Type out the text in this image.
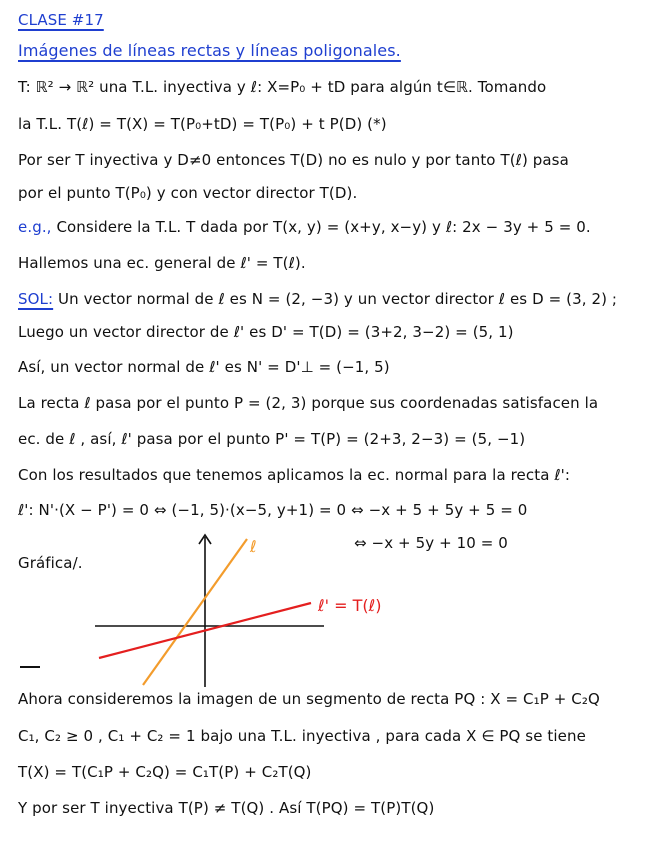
CLASE #17
Imágenes de líneas rectas y líneas poligonales.
T: ℝ² → ℝ² una T.L. inyectiva y ℓ: X=P₀ + tD para algún t∈ℝ. Tomando
la T.L. T(ℓ) = T(X) = T(P₀+tD) = T(P₀) + t P(D) (*)
Por ser T inyectiva y D≠0 entonces T(D) no es nulo y por tanto T(ℓ) pasa
por el punto T(P₀) y con vector director T(D).
e.g., Considere la T.L. T dada por T(x, y) = (x+y, x−y) y ℓ: 2x − 3y + 5 = 0.
Hallemos una ec. general de ℓ' = T(ℓ).
SOL: Un vector normal de ℓ es N = (2, −3) y un vector director ℓ es D = (3, 2) ;
Luego un vector director de ℓ' es D' = T(D) = (3+2, 3−2) = (5, 1)
Así, un vector normal de ℓ' es N' = D'⊥ = (−1, 5)
La recta ℓ pasa por el punto P = (2, 3) porque sus coordenadas satisfacen la
ec. de ℓ , así, ℓ' pasa por el punto P' = T(P) = (2+3, 2−3) = (5, −1)
Con los resultados que tenemos aplicamos la ec. normal para la recta ℓ':
ℓ': N'·(X − P') = 0 ⇔ (−1, 5)·(x−5, y+1) = 0 ⇔ −x + 5 + 5y + 5 = 0
⇔ −x + 5y + 10 = 0
Gráfica/.
ℓ
ℓ' = T(ℓ)
Ahora consideremos la imagen de un segmento de recta PQ : X = C₁P + C₂Q
C₁, C₂ ≥ 0 , C₁ + C₂ = 1 bajo una T.L. inyectiva , para cada X ∈ PQ se tiene
T(X) = T(C₁P + C₂Q) = C₁T(P) + C₂T(Q)
Y por ser T inyectiva T(P) ≠ T(Q) . Así T(PQ) = T(P)T(Q)
